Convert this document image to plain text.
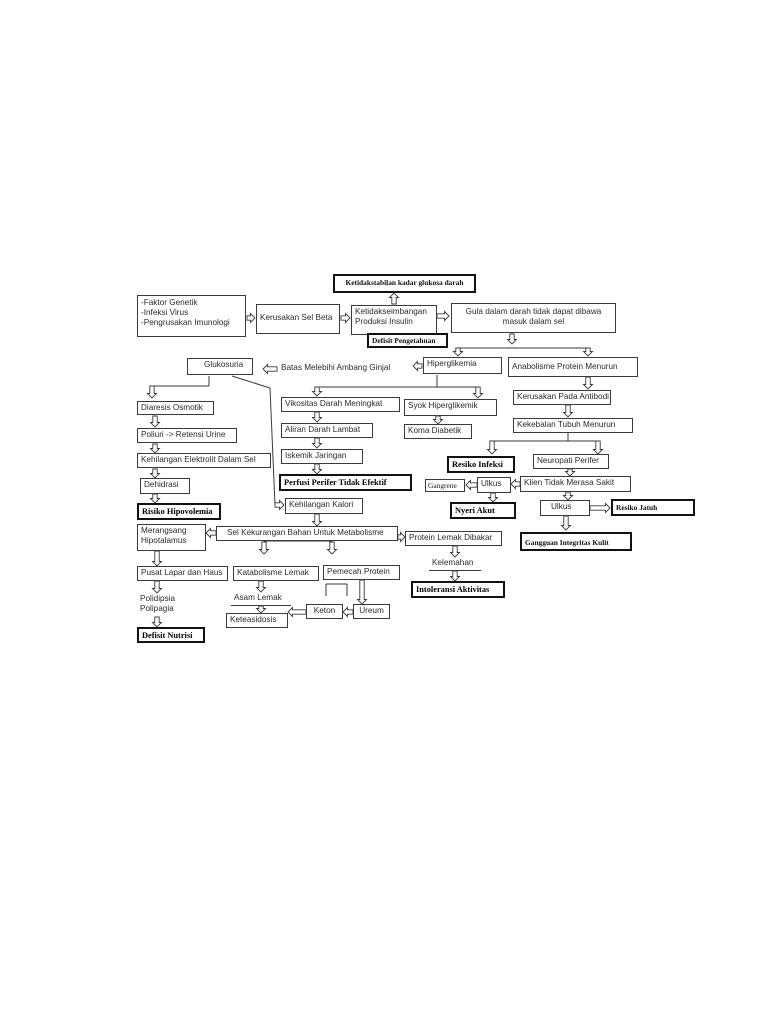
Ketidakstabilan kadar glukosa darah
-Faktor Genetik
-Infeksi Virus
-Pengrusakan Imunologi
Kerusakan Sel Beta
Ketidakseimbangan
Produksi Insulin
Gula dalam darah tidak dapat dibawa
masuk dalam sel
Defisit Pengetahuan
Glukosuria	Batas Melebihi Ambang Ginjal	Hiperglikemia	Anabolisme Protein Menurun
Diaresis Osmotik	Vikositas Darah Meningkat	Syok Hiperglikemik
Kerusakan Pada Antibodi
Poliuri -> Retensi Urine
Aliran Darah Lambat	Koma Diabetik
Kekebalan Tubuh Menurun
Kehilangan Elektrolit Dalam Sel	Iskemik Jaringan
Resiko Infeksi	Neuropati Perifer
Dehidrasi	Perfusi Perifer Tidak Efektif	Gangrene	Ulkus	Klien Tidak Merasa Sakit
Risiko Hipovolemia
Kehilangan Kalori
Nyeri Akut	Ulkus	Resiko Jatuh
Merangsang
Hipotalamus
Sel Kekurangan Bahan Untuk Metabolisme
Protein Lemak Dibakar
Gangguan Integritas Kulit
Kelemahan
Pusat Lapar dan Haus	Katabolisme Lemak	Pemecah Protein
Intoleransi Aktivitas
Polidipsia
Polipagia
Asam Lemak
Keton	Ureum
Keteasidosis
Defisit Nutrisi
